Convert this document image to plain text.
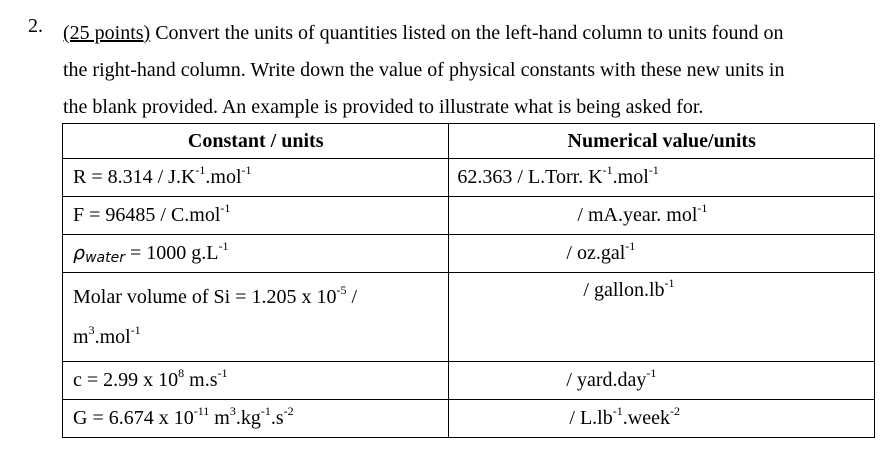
2. (25 points) Convert the units of quantities listed on the left-hand column to units found on
the right-hand column. Write down the value of physical constants with these new units in
the blank provided. An example is provided to illustrate what is being asked for.
Constant / units	Numerical value/units
$R = 8.314 / J.K^{-1}.mol^{-1}$	62.363 / L.Torr. $K^{-1}.mol^{-1}$
F = 96485 / C.mol$^{-1}$	/ mA.year. mol$^{-1}$
$\rho_{water} = 1000$ $g.L^{-1}$	/ oz.gal$^{-1}$
Molar volume of Si = 1.205 x $10^{-5}$ /
$m^3.mol^{-1}$	/ $gallon.lb^{-1}$
c = 2.99 x $10^8$ $m.s^{-1}$	/ yard.day$^{-1}$
G = 6.674 x $10^{-11}$ $m^3.kg^{-1}.s^{-2}$	/ $L.lb^{-1}.week^{-2}$
